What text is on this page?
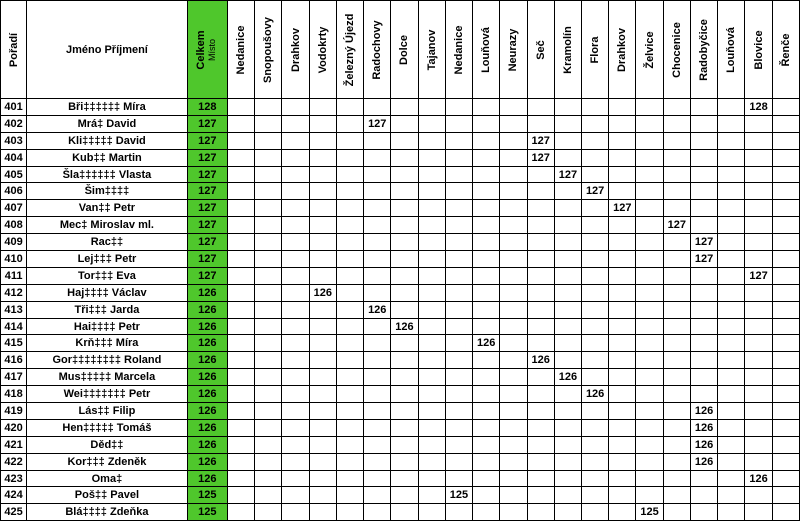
Pořadí	Jméno Příjmení	Celkem Místo	Nedanice	Snopoušovy	Drahkov	Vodokrty	Železný Újezd	Radochovy	Dolce	Tajanov	Nedanice	Louňová	Neurazy	Seč	Kramolín	Flora	Drahkov	Želvice	Chocenice	Radobyčice	Louňová	Blovice	Řenče

401	Bři‡‡‡‡‡‡ Míra	128																				128	
402	Mrá‡ David	127						127															
403	Kli‡‡‡‡‡ David	127												127									
404	Kub‡‡ Martin	127												127									
405	Šla‡‡‡‡‡‡ Vlasta	127													127								
406	Šim‡‡‡‡	127														127							
407	Van‡‡ Petr	127															127						
408	Mec‡ Miroslav ml.	127																	127				
409	Rac‡‡	127																		127			
410	Lej‡‡‡ Petr	127																		127			
411	Tor‡‡‡ Eva	127																				127	
412	Haj‡‡‡‡ Václav	126				126																	
413	Tři‡‡‡ Jarda	126						126															
414	Hai‡‡‡‡ Petr	126							126														
415	Krň‡‡‡ Míra	126										126											
416	Gor‡‡‡‡‡‡‡‡ Roland	126												126									
417	Mus‡‡‡‡‡ Marcela	126													126								
418	Wei‡‡‡‡‡‡‡ Petr	126														126							
419	Lás‡‡ Filip	126																		126			
420	Hen‡‡‡‡‡ Tomáš	126																		126			
421	Děd‡‡	126																		126			
422	Kor‡‡‡ Zdeněk	126																		126			
423	Oma‡	126																				126	
424	Poš‡‡ Pavel	125									125												
425	Blá‡‡‡‡ Zdeňka	125																125					
